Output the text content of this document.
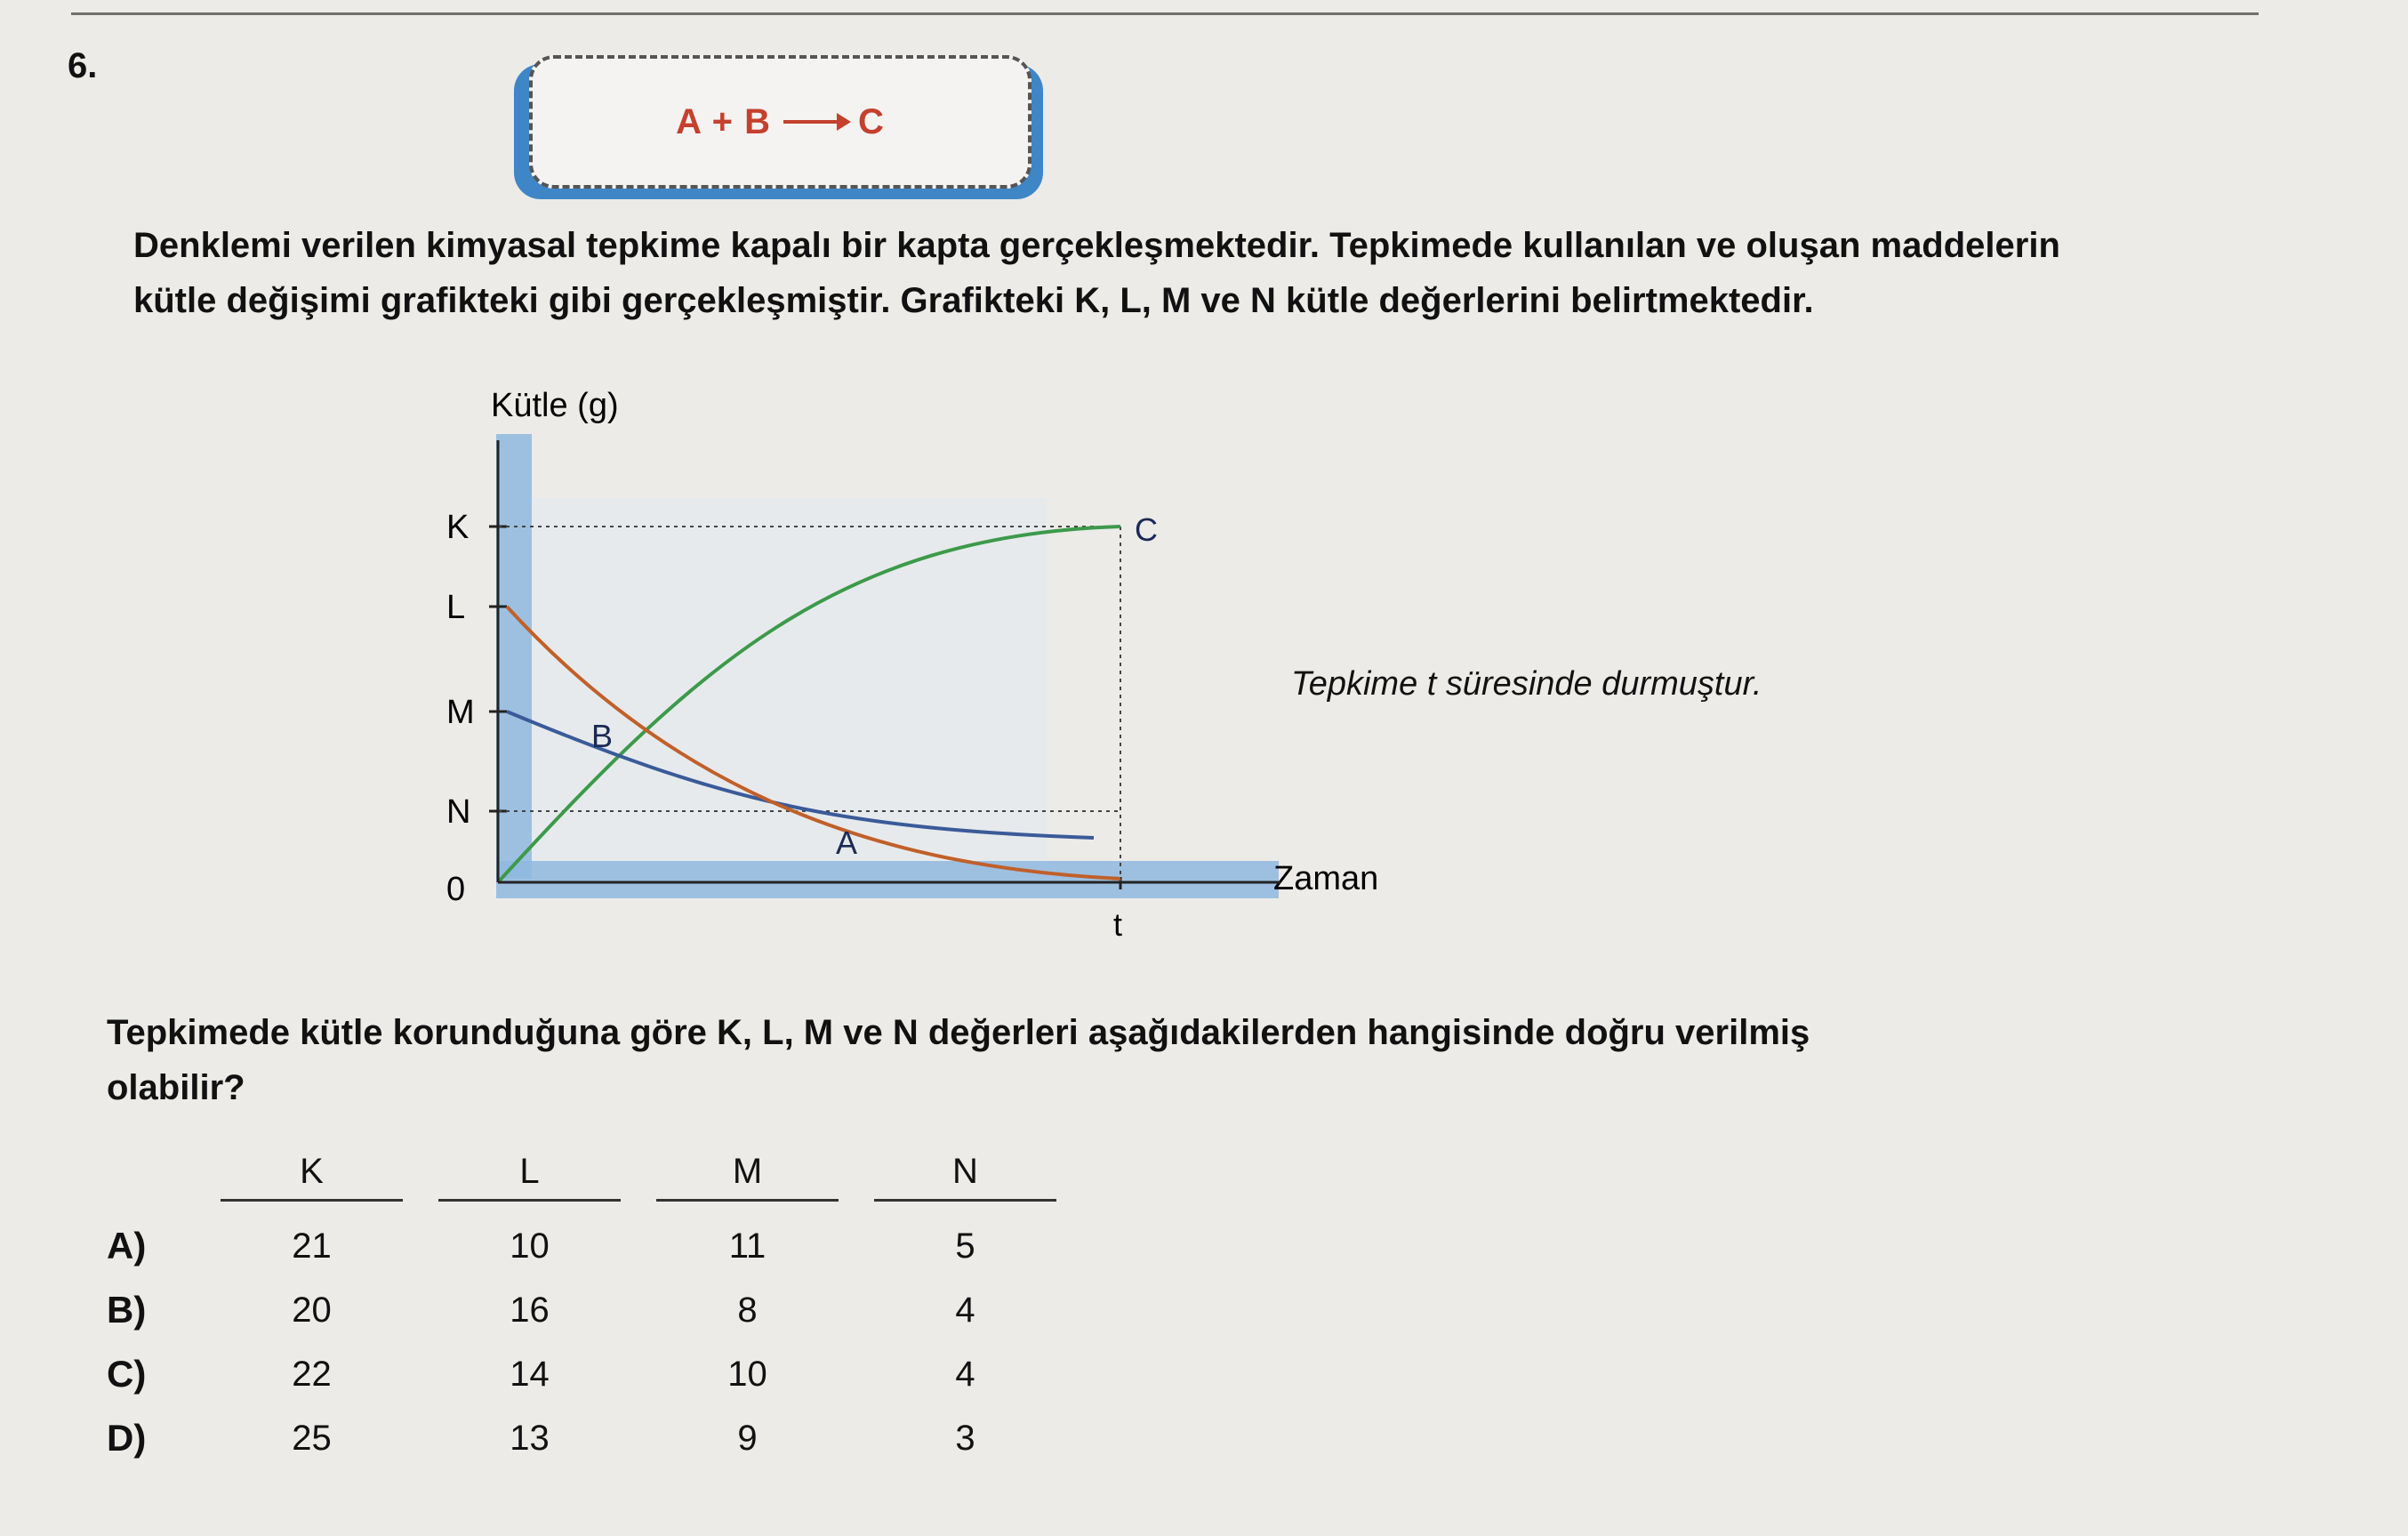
6.
A + B → C
Denklemi verilen kimyasal tepkime kapalı bir kapta gerçekleşmektedir. Tepkimede kullanılan ve oluşan maddelerin
kütle değişimi grafikteki gibi gerçekleşmiştir. Grafikteki K, L, M ve N kütle değerlerini belirtmektedir.
Kütle (g)
Zaman
K
L
M
N
0
t
C
B
A
Tepkime t süresinde durmuştur.
Tepkimede kütle korunduğuna göre K, L, M ve N değerleri aşağıdakilerden hangisinde doğru verilmiş
olabilir?
K	L	M	N
A)	21	10	11	5
B)	20	16	8	4
C)	22	14	10	4
D)	25	13	9	3
